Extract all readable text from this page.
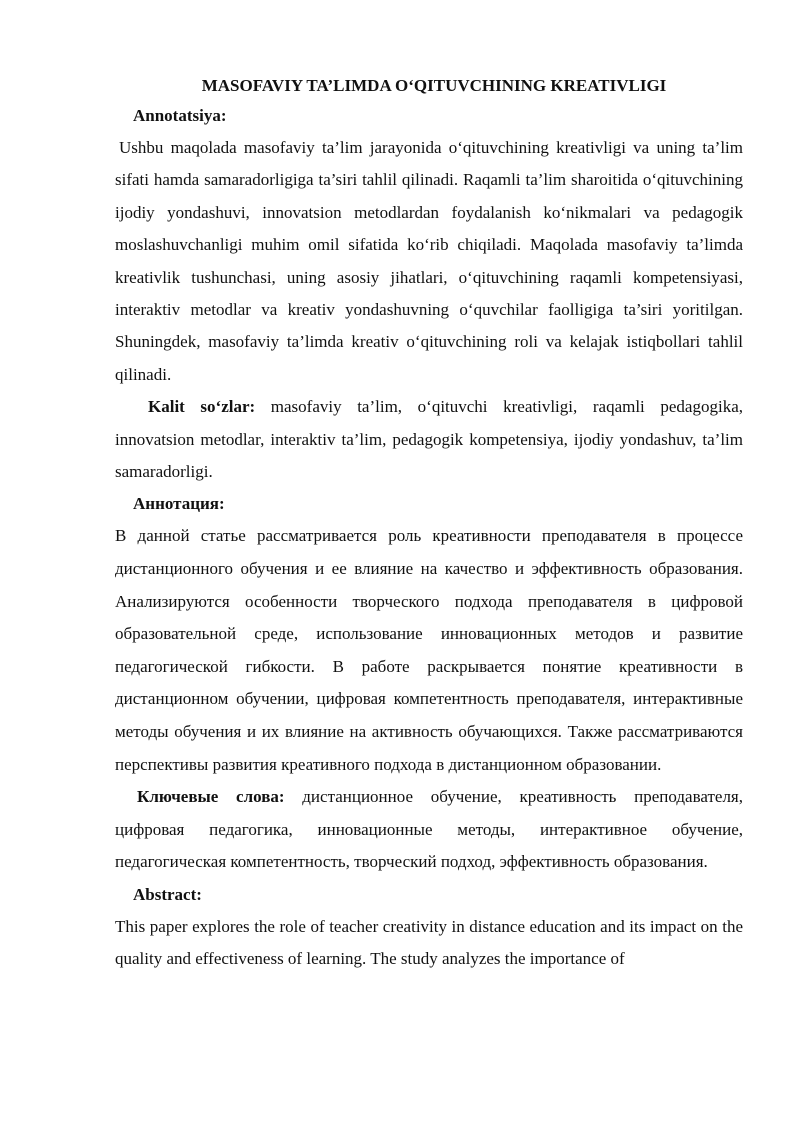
MASOFAVIY TA’LIMDA O‘QITUVCHINING KREATIVLIGI
Annotatsiya:

Ushbu maqolada masofaviy ta’lim jarayonida o‘qituvchining kreativligi va uning ta’lim sifati hamda samaradorligiga ta’siri tahlil qilinadi. Raqamli ta’lim sharoitida o‘qituvchining ijodiy yondashuvi, innovatsion metodlardan foydalanish ko‘nikmalari va pedagogik moslashuvchanligi muhim omil sifatida ko‘rib chiqiladi. Maqolada masofaviy ta’limda kreativlik tushunchasi, uning asosiy jihatlari, o‘qituvchining raqamli kompetensiyasi, interaktiv metodlar va kreativ yondashuvning o‘quvchilar faolligiga ta’siri yoritilgan. Shuningdek, masofaviy ta’limda kreativ o‘qituvchining roli va kelajak istiqbollari tahlil qilinadi.

Kalit so‘zlar: masofaviy ta’lim, o‘qituvchi kreativligi, raqamli pedagogika, innovatsion metodlar, interaktiv ta’lim, pedagogik kompetensiya, ijodiy yondashuv, ta’lim samaradorligi.

Аннотация:

В данной статье рассматривается роль креативности преподавателя в процессе дистанционного обучения и ее влияние на качество и эффективность образования. Анализируются особенности творческого подхода преподавателя в цифровой образовательной среде, использование инновационных методов и развитие педагогической гибкости. В работе раскрывается понятие креативности в дистанционном обучении, цифровая компетентность преподавателя, интерактивные методы обучения и их влияние на активность обучающихся. Также рассматриваются перспективы развития креативного подхода в дистанционном образовании.

Ключевые слова: дистанционное обучение, креативность преподавателя, цифровая педагогика, инновационные методы, интерактивное обучение, педагогическая компетентность, творческий подход, эффективность образования.

Abstract:

This paper explores the role of teacher creativity in distance education and its impact on the quality and effectiveness of learning. The study analyzes the importance of
